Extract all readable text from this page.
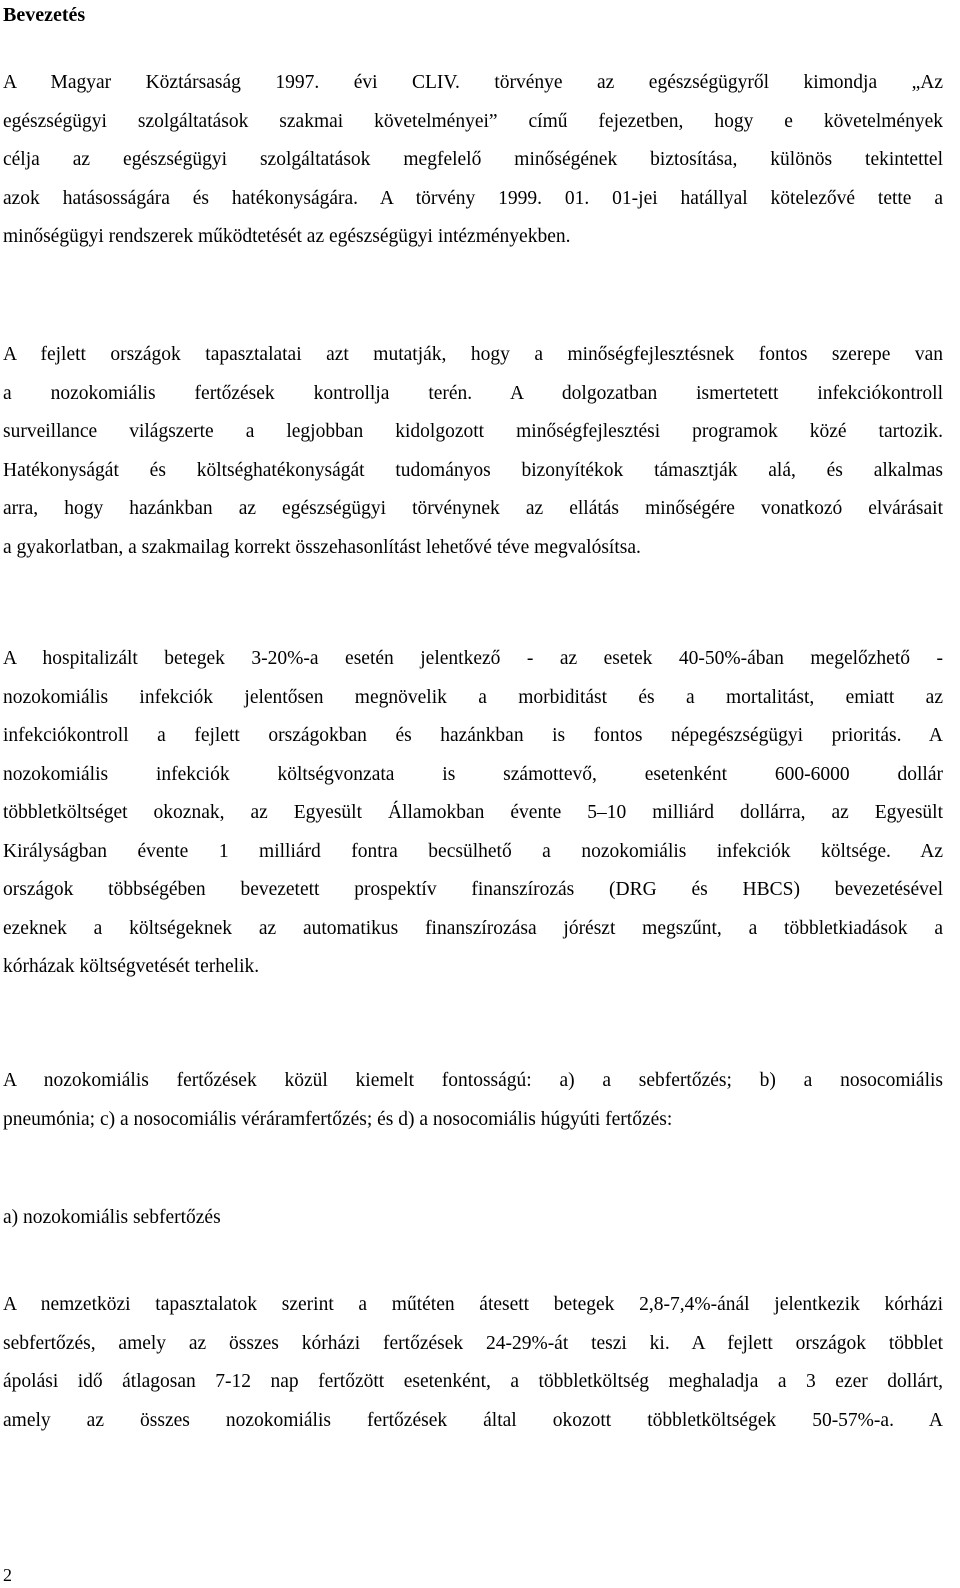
Bevezetés

A Magyar Köztársaság 1997. évi CLIV. törvénye az egészségügyről kimondja „Az
egészségügyi szolgáltatások szakmai követelményei” című fejezetben, hogy e követelmények
célja az egészségügyi szolgáltatások megfelelő minőségének biztosítása, különös tekintettel
azok hatásosságára és hatékonyságára. A törvény 1999. 01. 01-jei hatállyal kötelezővé tette a
minőségügyi rendszerek működtetését az egészségügyi intézményekben.

A fejlett országok tapasztalatai azt mutatják, hogy a minőségfejlesztésnek fontos szerepe van
a nozokomiális fertőzések kontrollja terén. A dolgozatban ismertetett infekciókontroll
surveillance világszerte a legjobban kidolgozott minőségfejlesztési programok közé tartozik.
Hatékonyságát és költséghatékonyságát tudományos bizonyítékok támasztják alá, és alkalmas
arra, hogy hazánkban az egészségügyi törvénynek az ellátás minőségére vonatkozó elvárásait
a gyakorlatban, a szakmailag korrekt összehasonlítást lehetővé téve megvalósítsa.

A hospitalizált betegek 3-20%-a esetén jelentkező - az esetek 40-50%-ában megelőzhető -
nozokomiális infekciók jelentősen megnövelik a morbiditást és a mortalitást, emiatt az
infekciókontroll a fejlett országokban és hazánkban is fontos népegészségügyi prioritás. A
nozokomiális infekciók költségvonzata is számottevő, esetenként 600-6000 dollár
többletköltséget okoznak, az Egyesült Államokban évente 5–10 milliárd dollárra, az Egyesült
Királyságban évente 1 milliárd fontra becsülhető a nozokomiális infekciók költsége. Az
országok többségében bevezetett prospektív finanszírozás (DRG és HBCS) bevezetésével
ezeknek a költségeknek az automatikus finanszírozása jórészt megszűnt, a többletkiadások a
kórházak költségvetését terhelik.

A nozokomiális fertőzések közül kiemelt fontosságú: a) a sebfertőzés; b) a nosocomiális
pneumónia; c) a nosocomiális véráramfertőzés; és d) a nosocomiális húgyúti fertőzés:

a) nozokomiális sebfertőzés

A nemzetközi tapasztalatok szerint a műtéten átesett betegek 2,8-7,4%-ánál jelentkezik kórházi
sebfertőzés, amely az összes kórházi fertőzések 24-29%-át teszi ki. A fejlett országok többlet
ápolási idő átlagosan 7-12 nap fertőzött esetenként, a többletköltség meghaladja a 3 ezer dollárt,
amely az összes nozokomiális fertőzések által okozott többletköltségek 50-57%-a. A

2
